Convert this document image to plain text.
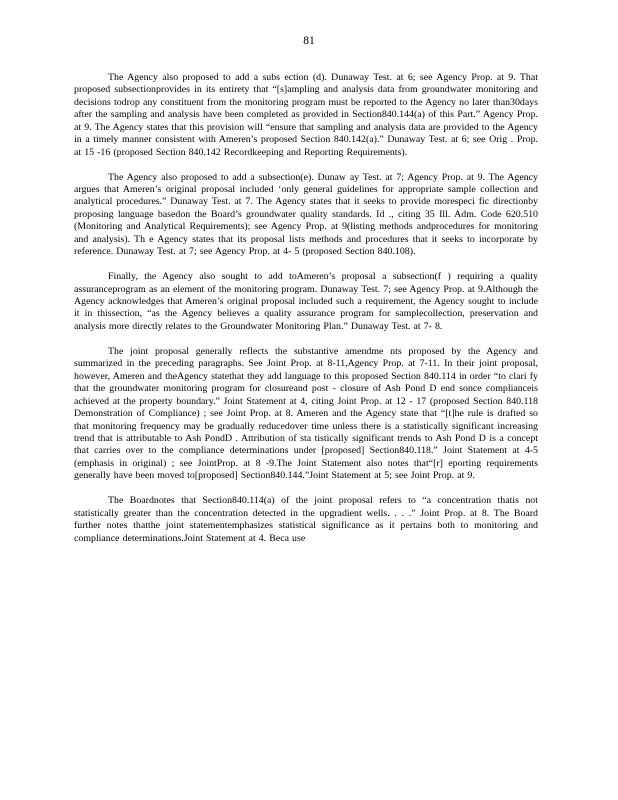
81

The Agency also proposed to add a subs ection (d). Dunaway Test. at 6; see Agency Prop. at 9. That proposed subsectionprovides in its entirety that “[s]ampling and analysis data from groundwater monitoring and decisions todrop any constituent from the monitoring program must be reported to the Agency no later than30days after the sampling and analysis have been completed as provided in Section840.144(a) of this Part.” Agency Prop. at 9. The Agency states that this provision will “ensure that sampling and analysis data are provided to the Agency in a timely manner consistent with Ameren’s proposed Section 840.142(a).” Dunaway Test. at 6; see Orig . Prop. at 15 -16 (proposed Section 840.142 Recordkeeping and Reporting Requirements).

The Agency also proposed to add a subsection(e). Dunaw ay Test. at 7; Agency Prop. at 9. The Agency argues that Ameren’s original proposal included ‘only general guidelines for appropriate sample collection and analytical procedures.” Dunaway Test. at 7. The Agency states that it seeks to provide morespeci fic directionby proposing language basedon the Board’s groundwater quality standards. Id ., citing 35 Ill. Adm. Code 620.510 (Monitoring and Analytical Requirements); see Agency Prop. at 9(listing methods andprocedures for monitoring and analysis). Th e Agency states that its proposal lists methods and procedures that it seeks to incorporate by reference. Dunaway Test. at 7; see Agency Prop. at 4- 5 (proposed Section 840.108).

Finally, the Agency also sought to add toAmeren’s proposal a subsection(f ) requiring a quality assuranceprogram as an element of the monitoring program. Dunaway Test. 7; see Agency Prop. at 9.Although the Agency acknowledges that Ameren’s original proposal included such a requirement, the Agency sought to include it in thissection, “as the Agency believes a quality assurance program for samplecollection, preservation and analysis more directly relates to the Groundwater Monitoring Plan.” Dunaway Test. at 7- 8.

The joint proposal generally reflects the substantive amendme nts proposed by the Agency and summarized in the preceding paragraphs. See Joint Prop. at 8-11,Agency Prop. at 7-11. In their joint proposal, however, Ameren and theAgency statethat they add language to this proposed Section 840.114 in order “to clari fy that the groundwater monitoring program for closureand post - closure of Ash Pond D end sonce complianceis achieved at the property boundary.” Joint Statement at 4, citing Joint Prop. at 12 - 17 (proposed Section 840.118 Demonstration of Compliance) ; see Joint Prop. at 8. Ameren and the Agency state that “[t]he rule is drafted so that monitoring frequency may be gradually reducedover time unless there is a statistically significant increasing trend that is attributable to Ash PondD . Attribution of sta tistically significant trends to Ash Pond D is a concept that carries over to the compliance determinations under [proposed] Section840.118.” Joint Statement at 4-5 (emphasis in original) ; see JointProp. at 8 -9.The Joint Statement also notes that“[r] eporting requirements generally have been moved to[proposed] Section840.144.”Joint Statement at 5; see Joint Prop. at 9.

The Boardnotes that Section840.114(a) of the joint proposal refers to “a concentration thatis not statistically greater than the concentration detected in the upgradient wells. . . .” Joint Prop. at 8. The Board further notes thatthe joint statementemphasizes statistical significance as it pertains both to monitoring and compliance determinations.Joint Statement at 4. Beca use
